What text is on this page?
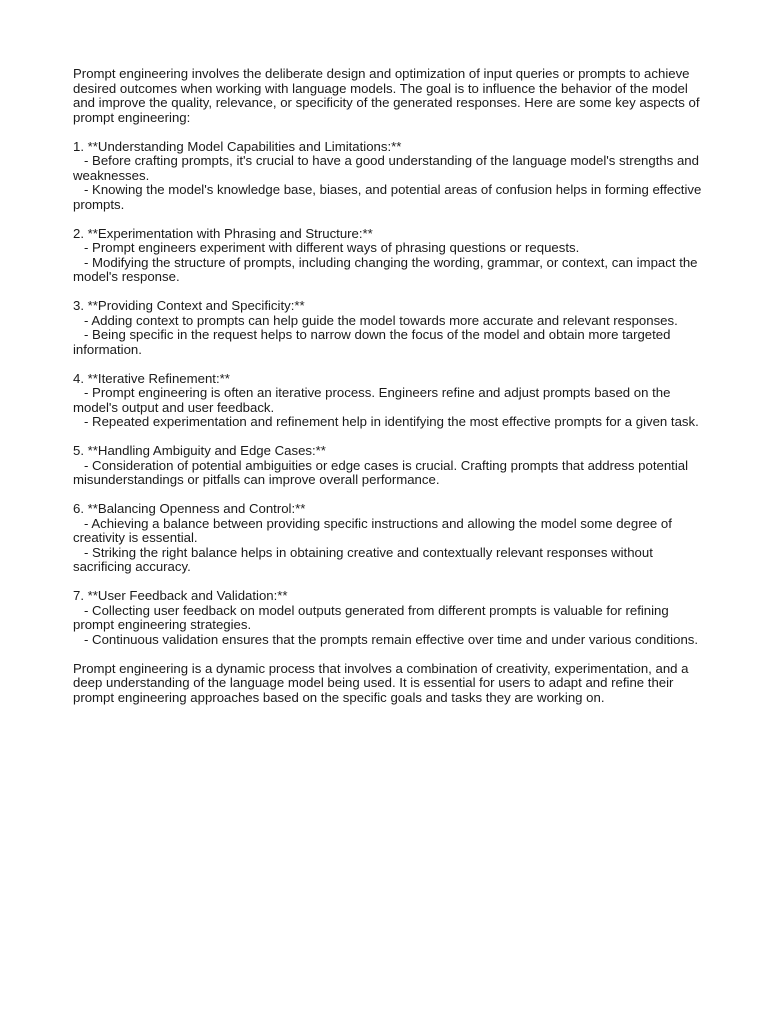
Prompt engineering involves the deliberate design and optimization of input queries or prompts to achieve desired outcomes when working with language models. The goal is to influence the behavior of the model and improve the quality, relevance, or specificity of the generated responses. Here are some key aspects of prompt engineering:

1. **Understanding Model Capabilities and Limitations:**

- Before crafting prompts, it's crucial to have a good understanding of the language model's strengths and weaknesses.

- Knowing the model's knowledge base, biases, and potential areas of confusion helps in forming effective prompts.

2. **Experimentation with Phrasing and Structure:**

- Prompt engineers experiment with different ways of phrasing questions or requests.

- Modifying the structure of prompts, including changing the wording, grammar, or context, can impact the model's response.

3. **Providing Context and Specificity:**

- Adding context to prompts can help guide the model towards more accurate and relevant responses.

- Being specific in the request helps to narrow down the focus of the model and obtain more targeted information.

4. **Iterative Refinement:**

- Prompt engineering is often an iterative process. Engineers refine and adjust prompts based on the model's output and user feedback.

- Repeated experimentation and refinement help in identifying the most effective prompts for a given task.

5. **Handling Ambiguity and Edge Cases:**

- Consideration of potential ambiguities or edge cases is crucial. Crafting prompts that address potential misunderstandings or pitfalls can improve overall performance.

6. **Balancing Openness and Control:**

- Achieving a balance between providing specific instructions and allowing the model some degree of creativity is essential.

- Striking the right balance helps in obtaining creative and contextually relevant responses without sacrificing accuracy.

7. **User Feedback and Validation:**

- Collecting user feedback on model outputs generated from different prompts is valuable for refining prompt engineering strategies.

- Continuous validation ensures that the prompts remain effective over time and under various conditions.

Prompt engineering is a dynamic process that involves a combination of creativity, experimentation, and a deep understanding of the language model being used. It is essential for users to adapt and refine their prompt engineering approaches based on the specific goals and tasks they are working on.
